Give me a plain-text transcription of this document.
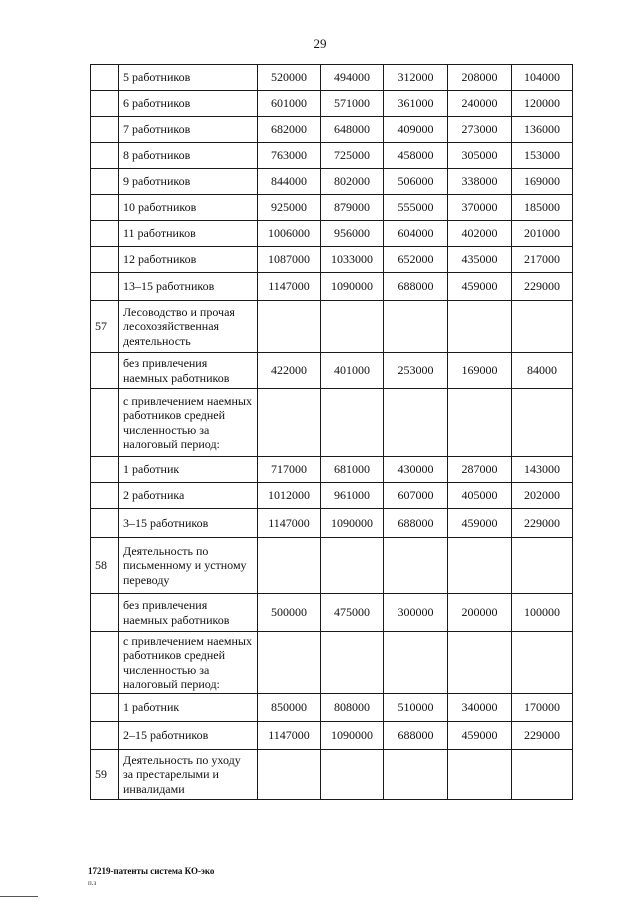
29
	5 работников	520000	494000	312000	208000	104000
	6 работников	601000	571000	361000	240000	120000
	7 работников	682000	648000	409000	273000	136000
	8 работников	763000	725000	458000	305000	153000
	9 работников	844000	802000	506000	338000	169000
	10 работников	925000	879000	555000	370000	185000
	11 работников	1006000	956000	604000	402000	201000
	12 работников	1087000	1033000	652000	435000	217000
	13–15 работников	1147000	1090000	688000	459000	229000
57	Лесоводство и прочая лесохозяйственная деятельность					
	без привлечения наемных работников	422000	401000	253000	169000	84000
	с привлечением наемных работников средней численностью за налоговый период:					
	1 работник	717000	681000	430000	287000	143000
	2 работника	1012000	961000	607000	405000	202000
	3–15 работников	1147000	1090000	688000	459000	229000
58	Деятельность по письменному и устному переводу					
	без привлечения наемных работников	500000	475000	300000	200000	100000
	с привлечением наемных работников средней численностью за налоговый период:					
	1 работник	850000	808000	510000	340000	170000
	2–15 работников	1147000	1090000	688000	459000	229000
59	Деятельность по уходу за престарелыми и инвалидами					
17219-патенты система КО-эко
п.з
